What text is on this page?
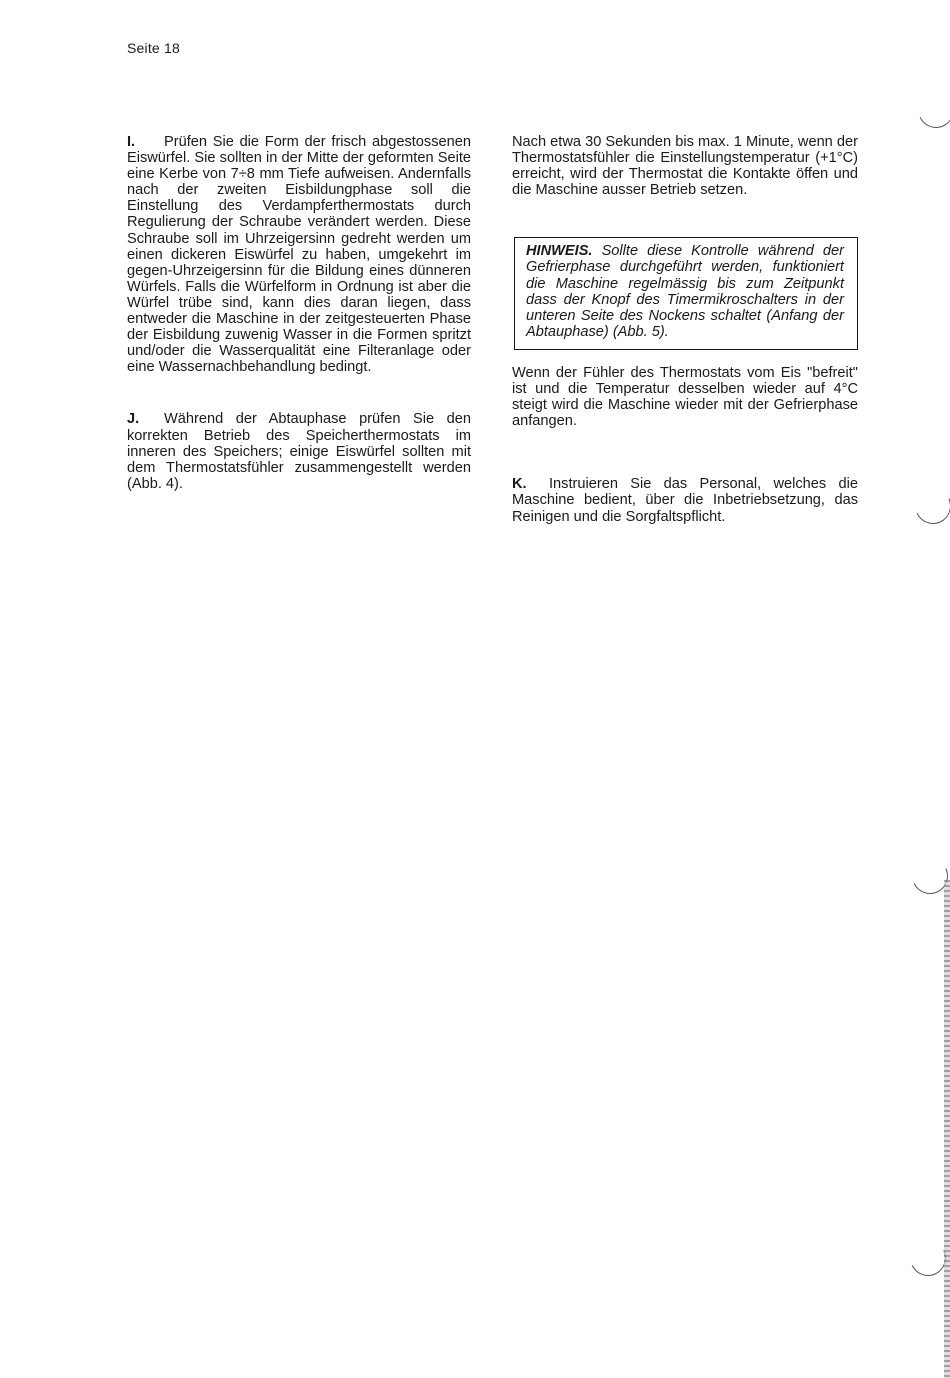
Seite 18

I. Prüfen Sie die Form der frisch abgestossenen Eiswürfel. Sie sollten in der Mitte der geformten Seite eine Kerbe von 7÷8 mm Tiefe aufweisen. Andernfalls nach der zweiten Eisbildungphase soll die Einstellung des Verdampferthermostats durch Regulierung der Schraube verändert werden. Diese Schraube soll im Uhrzeigersinn gedreht werden um einen dickeren Eiswürfel zu haben, umgekehrt im gegen-Uhrzeigersinn für die Bildung eines dünneren Würfels. Falls die Würfelform in Ordnung ist aber die Würfel trübe sind, kann dies daran liegen, dass entweder die Maschine in der zeitgesteuerten Phase der Eisbildung zuwenig Wasser in die Formen spritzt und/oder die Wasserqualität eine Filteranlage oder eine Wassernachbehandlung bedingt.

J. Während der Abtauphase prüfen Sie den korrekten Betrieb des Speicherthermostats im inneren des Speichers; einige Eiswürfel sollten mit dem Thermostatsfühler zusammengestellt werden (Abb. 4).

Nach etwa 30 Sekunden bis max. 1 Minute, wenn der Thermostatsfühler die Einstellungstemperatur (+1°C) erreicht, wird der Thermostat die Kontakte öffen und die Maschine ausser Betrieb setzen.

HINWEIS. Sollte diese Kontrolle während der Gefrierphase durchgeführt werden, funktioniert die Maschine regelmässig bis zum Zeitpunkt dass der Knopf des Timermikroschalters in der unteren Seite des Nockens schaltet (Anfang der Abtauphase) (Abb. 5).

Wenn der Fühler des Thermostats vom Eis "befreit" ist und die Temperatur desselben wieder auf 4°C steigt wird die Maschine wieder mit der Gefrierphase anfangen.

K. Instruieren Sie das Personal, welches die Maschine bedient, über die Inbetriebsetzung, das Reinigen und die Sorgfaltspflicht.
